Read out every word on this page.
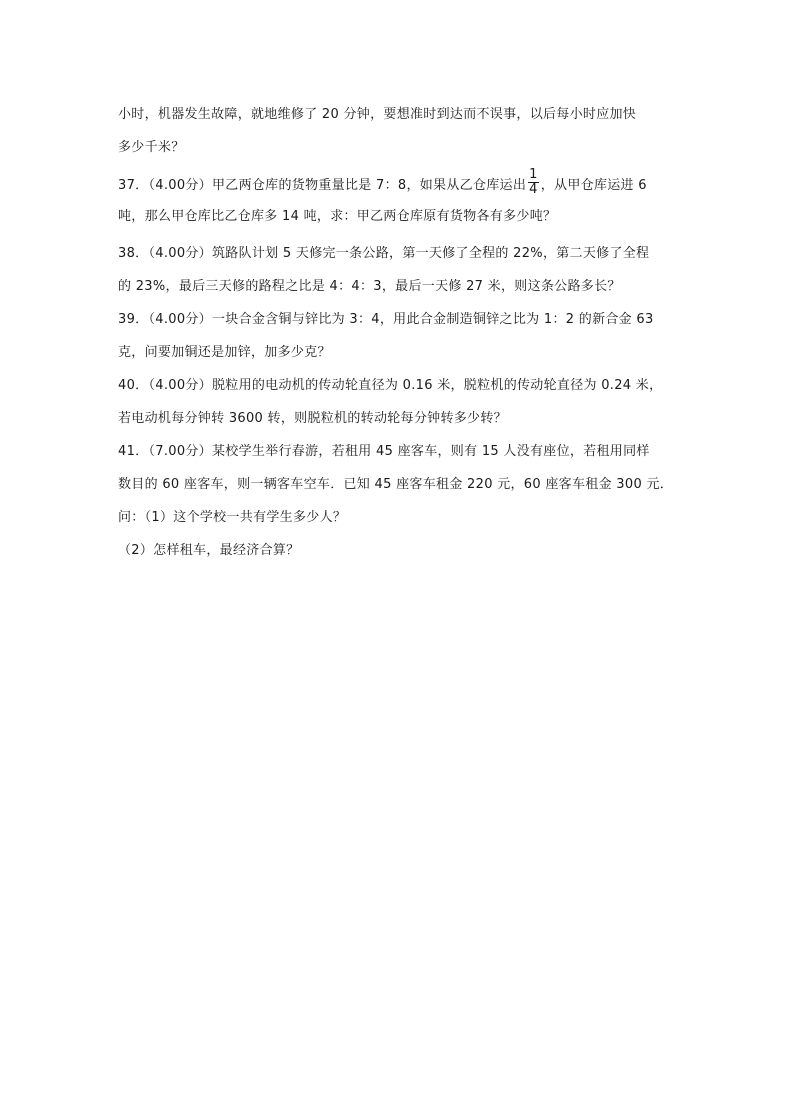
小时，机器发生故障，就地维修了 20 分钟，要想准时到达而不误事，以后每小时应加快
多少千米？
37．（4.00分）甲乙两仓库的货物重量比是 7：8，如果从乙仓库运出 $\frac{1}{4}$ ，从甲仓库运进 6
吨，那么甲仓库比乙仓库多 14 吨，求：甲乙两仓库原有货物各有多少吨？
38．（4.00分）筑路队计划 5 天修完一条公路，第一天修了全程的 22%，第二天修了全程
的 23%，最后三天修的路程之比是 4：4：3，最后一天修 27 米，则这条公路多长？
39．（4.00分）一块合金含铜与锌比为 3：4，用此合金制造铜锌之比为 1：2 的新合金 63
克，问要加铜还是加锌，加多少克？
40．（4.00分）脱粒用的电动机的传动轮直径为 0.16 米，脱粒机的传动轮直径为 0.24 米，
若电动机每分钟转 3600 转，则脱粒机的转动轮每分钟转多少转？
41．（7.00分）某校学生举行春游，若租用 45 座客车，则有 15 人没有座位，若租用同样
数目的 60 座客车，则一辆客车空车．已知 45 座客车租金 220 元，60 座客车租金 300 元．
问：（1）这个学校一共有学生多少人？
（2）怎样租车，最经济合算？
